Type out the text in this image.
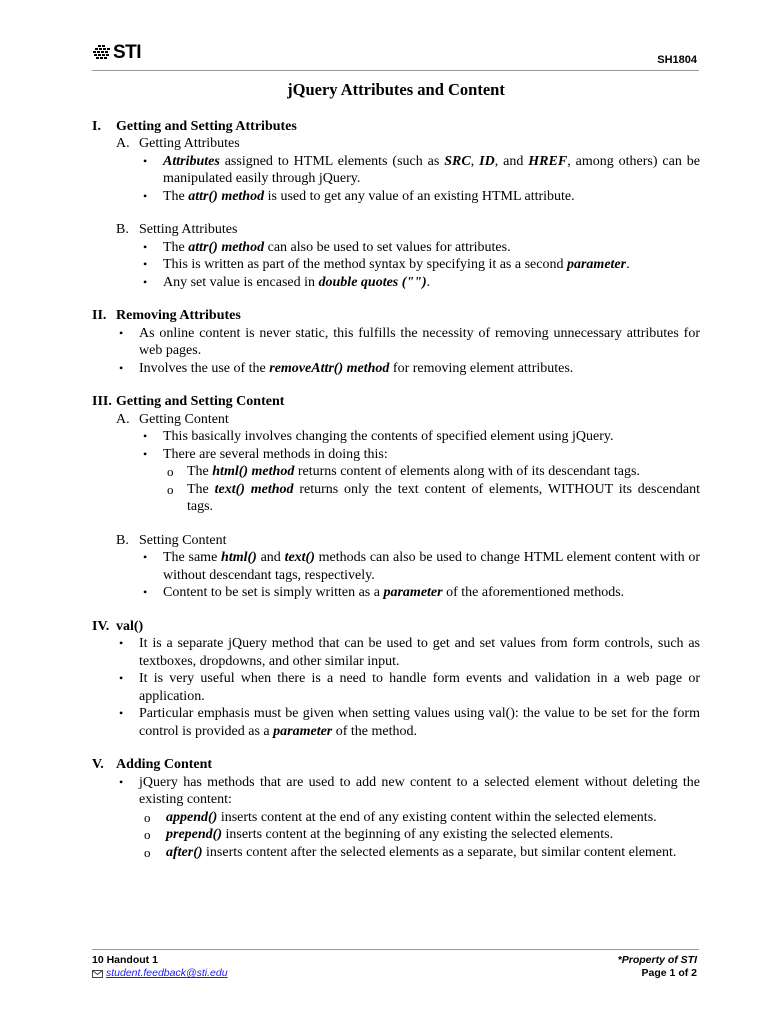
STI	SH1804
jQuery Attributes and Content
I.	Getting and Setting Attributes
A. Getting Attributes
• Attributes assigned to HTML elements (such as SRC, ID, and HREF, among others) can be manipulated easily through jQuery.
• The attr() method is used to get any value of an existing HTML attribute.
B. Setting Attributes
• The attr() method can also be used to set values for attributes.
• This is written as part of the method syntax by specifying it as a second parameter.
• Any set value is encased in double quotes ("").
II. Removing Attributes
• As online content is never static, this fulfills the necessity of removing unnecessary attributes for web pages.
• Involves the use of the removeAttr() method for removing element attributes.
III. Getting and Setting Content
A. Getting Content
• This basically involves changing the contents of specified element using jQuery.
• There are several methods in doing this:
o The html() method returns content of elements along with of its descendant tags.
o The text() method returns only the text content of elements, WITHOUT its descendant tags.
B. Setting Content
• The same html() and text() methods can also be used to change HTML element content with or without descendant tags, respectively.
• Content to be set is simply written as a parameter of the aforementioned methods.
IV. val()
• It is a separate jQuery method that can be used to get and set values from form controls, such as textboxes, dropdowns, and other similar input.
• It is very useful when there is a need to handle form events and validation in a web page or application.
• Particular emphasis must be given when setting values using val(): the value to be set for the form control is provided as a parameter of the method.
V. Adding Content
• jQuery has methods that are used to add new content to a selected element without deleting the existing content:
o append() inserts content at the end of any existing content within the selected elements.
o prepend() inserts content at the beginning of any existing the selected elements.
o after() inserts content after the selected elements as a separate, but similar content element.
10 Handout 1
student.feedback@sti.edu
*Property of STI
Page 1 of 2
